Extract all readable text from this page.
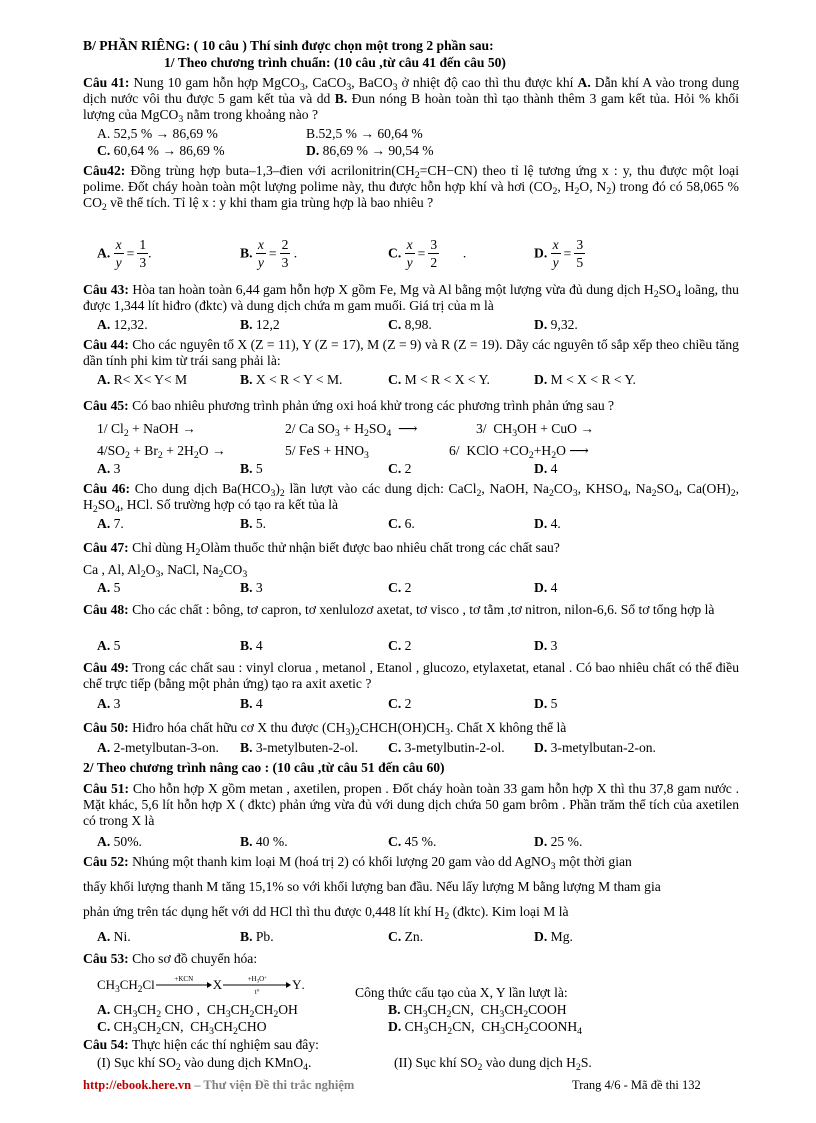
B/ PHẦN RIÊNG: ( 10 câu ) Thí sinh được chọn một trong 2 phần sau:
1/ Theo chương trình chuẩn: (10 câu ,từ câu 41 đến câu 50)
Câu 41: Nung 10 gam hỗn hợp MgCO$_3$, CaCO$_3$, BaCO$_3$ ở nhiệt độ cao thì thu được khí A. Dẫn khí A vào trong dung dịch nước vôi thu được 5 gam kết tủa và dd B. Đun nóng B hoàn toàn thì tạo thành thêm 3 gam kết tủa. Hỏi % khối lượng của MgCO$_3$ nằm trong khoảng nào ?
A. 52,5 % → 86,69 %	B.52,5 % → 60,64 %
C. 60,64 % → 86,69 %	D. 86,69 % → 90,54 %
Câu42: Đồng trùng hợp buta–1,3–đien với $acrilonitrin(CH_2=CH-CN)$ theo tỉ lệ tương ứng x : y, thu được một loại polime. Đốt cháy hoàn toàn một lượng polime này, thu được hỗn hợp khí và hơi ($CO_2$, $H_2O$, $N_2$) trong đó có 58,065 % $CO_2$ về thể tích. Tỉ lệ x : y khi tham gia trùng hợp là bao nhiêu ?
A. $\frac{x}{y} = \frac{1}{3}$ .	B. $\frac{x}{y} = \frac{2}{3}$ .	C. $\frac{x}{y} = \frac{3}{2}$ .	D. $\frac{x}{y} = \frac{3}{5}$
Câu 43: Hòa tan hoàn toàn 6,44 gam hỗn hợp X gồm Fe, Mg và Al bằng một lượng vừa đủ dung dịch $H_2SO_4$ loãng, thu được 1,344 lít hiđro (đktc) và dung dịch chứa m gam muối. Giá trị của m là
A. 12,32.	B. 12,2	C. 8,98.	D. 9,32.
Câu 44: Cho các nguyên tố X (Z = 11), Y (Z = 17), M (Z = 9) và R (Z = 19). Dãy các nguyên tố sắp xếp theo chiều tăng dần tính phi kim từ trái sang phải là:
A. R< X< Y< M	B. X < R < Y < M.	C. M < R < X < Y.	D. M < X < R < Y.
Câu 45: Có bao nhiêu phương trình phản ứng oxi hoá khử trong các phương trình phản ứng sau ?
1/ $Cl_2$ + NaOH →	2/ Ca $SO_3 + H_2SO_4$  ⟶	3/  $CH_3OH$ + CuO →
$4/SO_2 + Br_2 + 2H_2O$ →	5/ FeS + $HNO_3$	6/  KClO $+CO_2+H_2O$ ⟶
A. 3	B. 5	C. 2	D. 4
Câu 46: Cho dung dịch $Ba(HCO_3)_2$ lần lượt vào các dung dịch: CaCl$_2$, NaOH, $Na_2CO_3$, $KHSO_4$, $Na_2SO_4$, $Ca(OH)_2$, $H_2SO_4$, HCl. Số trường hợp có tạo ra kết tủa là
A. 7.	B. 5.	C. 6.	D. 4.
Câu 47: Chỉ dùng $H_2Olàm$ thuốc thử nhận biết được bao nhiêu chất trong các chất sau?
Ca , Al, $Al_2O_3$, NaCl, $Na_2CO_3$
A. 5	B. 3	C. 2	D. 4
Câu 48: Cho các chất : bông, tơ capron, tơ xenlulozơ axetat, tơ visco , tơ tằm ,tơ nitron, nilon-6,6. Số tơ tổng hợp là
A. 5	B. 4	C. 2	D. 3
Câu 49: Trong các chất sau : vinyl clorua , metanol , Etanol , glucozo, etylaxetat, etanal . Có bao nhiêu chất có thể điều chế trực tiếp (bằng một phản ứng) tạo ra axit axetic ?
A. 3	B. 4	C. 2	D. 5
Câu 50: Hiđro hóa chất hữu cơ X thu được $(CH_3)_2CHCH(OH)CH_3$. Chất X không thể là
A. 2-metylbutan-3-on. B. 3-metylbuten-2-ol. C. 3-metylbutin-2-ol. D. 3-metylbutan-2-on.
2/ Theo chương trình nâng cao : (10 câu ,từ câu 51 đến câu 60)
Câu 51: Cho hỗn hợp X gồm metan , axetilen, propen . Đốt cháy hoàn toàn 33 gam hỗn hợp X thì thu 37,8 gam nước . Mặt khác, 5,6 lít hỗn hợp X ( đktc) phản ứng vừa đủ với dung dịch chứa 50 gam brôm . Phần trăm thể tích của axetilen có trong X là
A. 50%.	B. 40 %.	C. 45 %.	D. 25 %.
Câu 52: Nhúng một thanh kim loại M (hoá trị 2) có khối lượng 20 gam vào dd AgNO$_3$ một thời gian
thấy khối lượng thanh M tăng 15,1% so với khối lượng ban đầu. Nếu lấy lượng M bằng lượng M tham gia
phản ứng trên tác dụng hết với dd HCl thì thu được 0,448 lít khí $H_2$ (đktc). Kim loại M là
A. Ni.	B. Pb.	C. Zn.	D. Mg.
Câu 53: Cho sơ đồ chuyển hóa:
$CH_3CH_2Cl$	+KCN	X	$+H_3O^+$
t°	Y.
Công thức cấu tạo của X, Y lần lượt là:
A. $CH_3CH_2$ CHO ,  $CH_3CH_2CH_2OH$	B. $CH_3CH_2CN$,  $CH_3CH_2COOH$
C. $CH_3CH_2CN$,  $CH_3CH_2CHO$	D. $CH_3CH_2CN$,  $CH_3CH_2COONH_4$
Câu 54: Thực hiện các thí nghiệm sau đây:
(I) Sục khí $SO_2$ vào dung dịch KMnO$_4$.	(II) Sục khí $SO_2$ vào dung dịch $H_2S$.
http://ebook.here.vn – Thư viện Đề thi trắc nghiệm	Trang 4/6 - Mã đề thi 132
